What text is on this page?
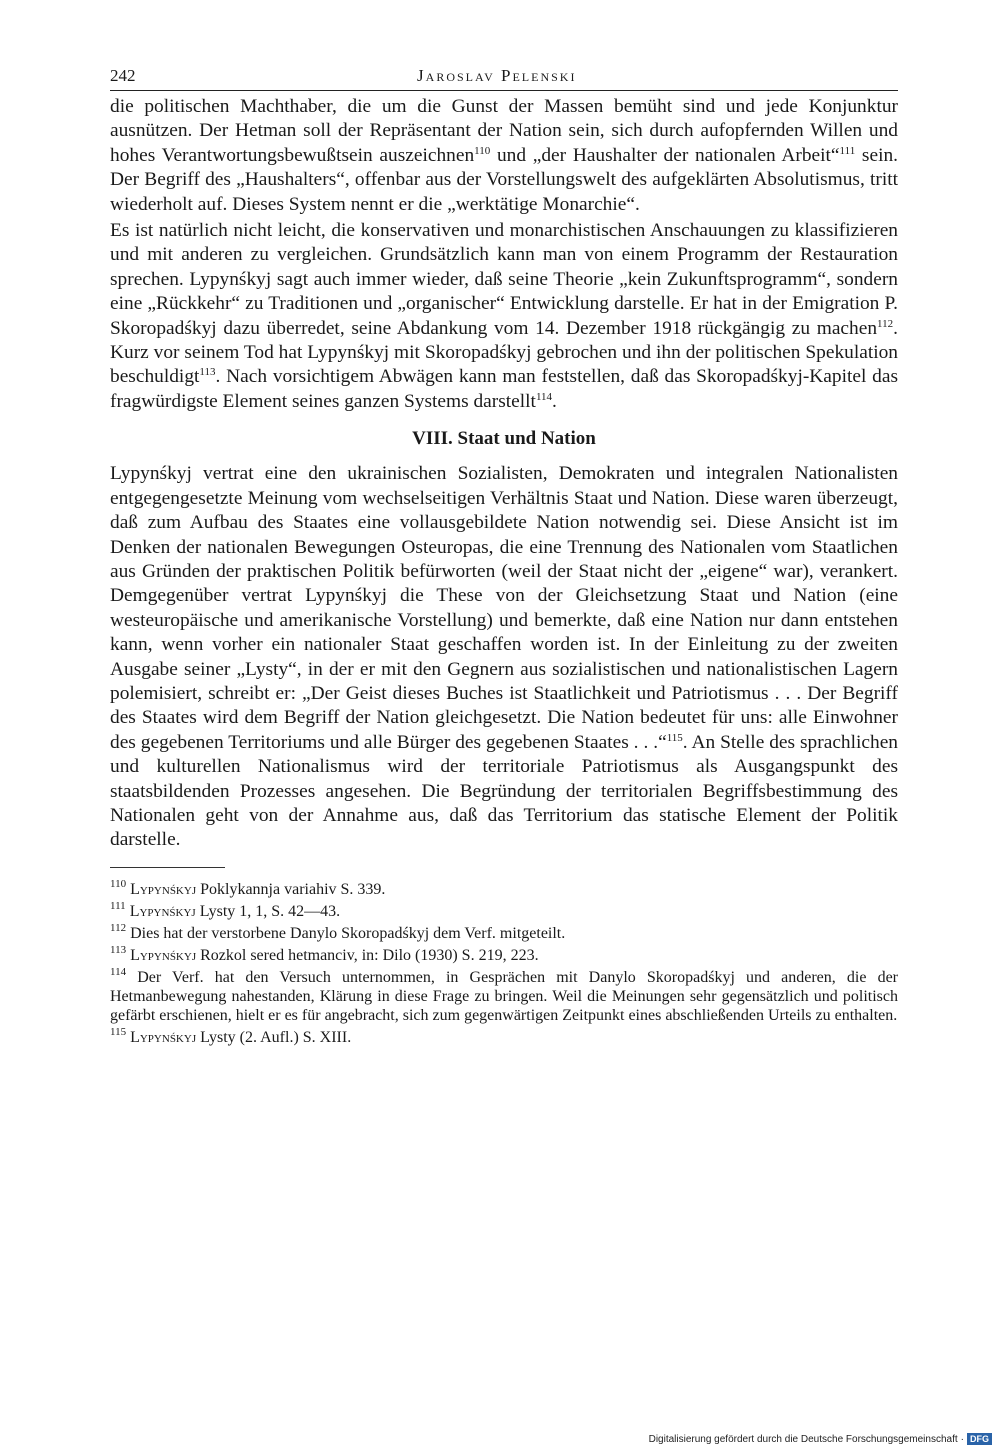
242	Jaroslav Pelenski

die politischen Machthaber, die um die Gunst der Massen bemüht sind und jede Konjunktur ausnützen. Der Hetman soll der Repräsentant der Nation sein, sich durch aufopfernden Willen und hohes Verantwortungsbewußtsein auszeichnen$^{110}$ und „der Haushalter der nationalen Arbeit“$^{111}$ sein. Der Begriff des „Haushalters“, offenbar aus der Vorstellungswelt des aufgeklärten Absolutismus, tritt wiederholt auf. Dieses System nennt er die „werktätige Monarchie“.

Es ist natürlich nicht leicht, die konservativen und monarchistischen Anschauungen zu klassifizieren und mit anderen zu vergleichen. Grundsätzlich kann man von einem Programm der Restauration sprechen. Lypynśkyj sagt auch immer wieder, daß seine Theorie „kein Zukunftsprogramm“, sondern eine „Rückkehr“ zu Traditionen und „organischer“ Entwicklung darstelle. Er hat in der Emigration P. Skoropadśkyj dazu überredet, seine Abdankung vom 14. Dezember 1918 rückgängig zu machen$^{112}$. Kurz vor seinem Tod hat Lypynśkyj mit Skoropadśkyj gebrochen und ihn der politischen Spekulation beschuldigt$^{113}$. Nach vorsichtigem Abwägen kann man feststellen, daß das Skoropadśkyj-Kapitel das fragwürdigste Element seines ganzen Systems darstellt$^{114}$.

VIII. Staat und Nation

Lypynśkyj vertrat eine den ukrainischen Sozialisten, Demokraten und integralen Nationalisten entgegengesetzte Meinung vom wechselseitigen Verhältnis Staat und Nation. Diese waren überzeugt, daß zum Aufbau des Staates eine vollausgebildete Nation notwendig sei. Diese Ansicht ist im Denken der nationalen Bewegungen Osteuropas, die eine Trennung des Nationalen vom Staatlichen aus Gründen der praktischen Politik befürworten (weil der Staat nicht der „eigene“ war), verankert. Demgegenüber vertrat Lypynśkyj die These von der Gleichsetzung Staat und Nation (eine westeuropäische und amerikanische Vorstellung) und bemerkte, daß eine Nation nur dann entstehen kann, wenn vorher ein nationaler Staat geschaffen worden ist. In der Einleitung zu der zweiten Ausgabe seiner „Lysty“, in der er mit den Gegnern aus sozialistischen und nationalistischen Lagern polemisiert, schreibt er: „Der Geist dieses Buches ist Staatlichkeit und Patriotismus . . . Der Begriff des Staates wird dem Begriff der Nation gleichgesetzt. Die Nation bedeutet für uns: alle Einwohner des gegebenen Territoriums und alle Bürger des gegebenen Staates . . .“$^{115}$. An Stelle des sprachlichen und kulturellen Nationalismus wird der territoriale Patriotismus als Ausgangspunkt des staatsbildenden Prozesses angesehen. Die Begründung der territorialen Begriffsbestimmung des Nationalen geht von der Annahme aus, daß das Territorium das statische Element der Politik darstelle.

$^{110}$ Lypynśkyj Poklykannja variahiv S. 339.

$^{111}$ Lypynśkyj Lysty 1, 1, S. 42—43.

$^{112}$ Dies hat der verstorbene Danylo Skoropadśkyj dem Verf. mitgeteilt.

$^{113}$ Lypynśkyj Rozkol sered hetmanciv, in: Dilo (1930) S. 219, 223.

$^{114}$ Der Verf. hat den Versuch unternommen, in Gesprächen mit Danylo Skoropadśkyj und anderen, die der Hetmanbewegung nahestanden, Klärung in diese Frage zu bringen. Weil die Meinungen sehr gegensätzlich und politisch gefärbt erschienen, hielt er es für angebracht, sich zum gegenwärtigen Zeitpunkt eines abschließenden Urteils zu enthalten.

$^{115}$ Lypynśkyj Lysty (2. Aufl.) S. XIII.

Digitalisierung gefördert durch die Deutsche Forschungsgemeinschaft · DFG
